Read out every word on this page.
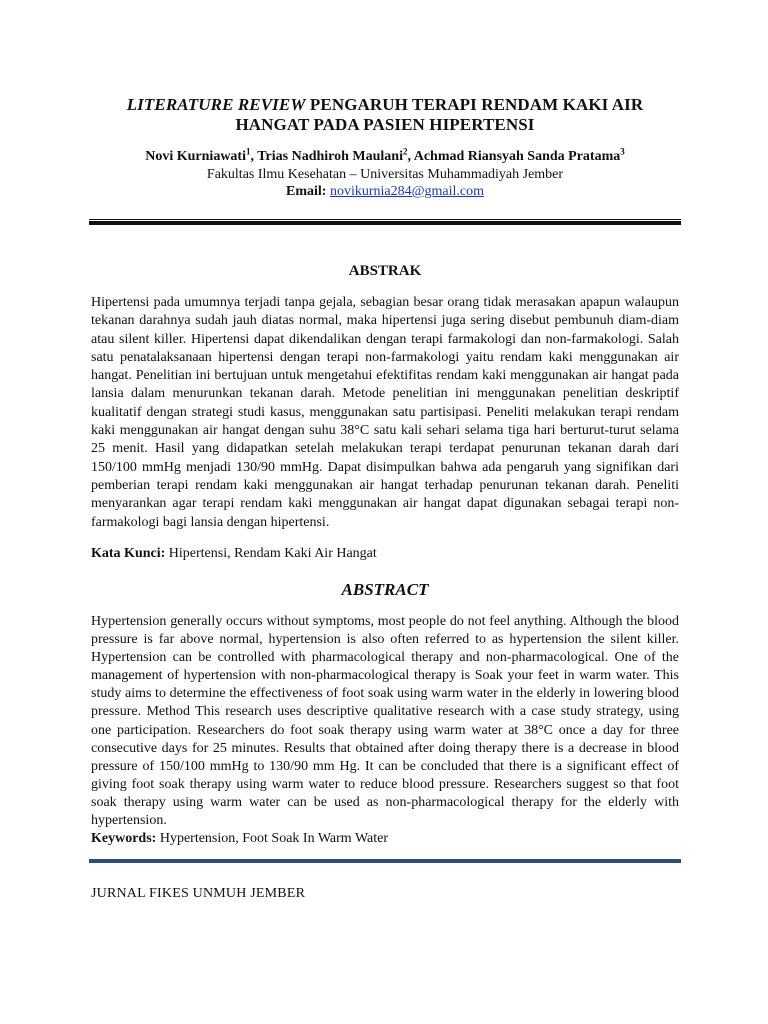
LITERATURE REVIEW PENGARUH TERAPI RENDAM KAKI AIR
HANGAT PADA PASIEN HIPERTENSI
Novi Kurniawati$^1$, Trias Nadhiroh Maulani$^2$, Achmad Riansyah Sanda Pratama$^3$
Fakultas Ilmu Kesehatan – Universitas Muhammadiyah Jember
Email: novikurnia284@gmail.com
ABSTRAK
Hipertensi pada umumnya terjadi tanpa gejala, sebagian besar orang tidak merasakan apapun walaupun tekanan darahnya sudah jauh diatas normal, maka hipertensi juga sering disebut pembunuh diam-diam atau silent killer. Hipertensi dapat dikendalikan dengan terapi farmakologi dan non-farmakologi. Salah satu penatalaksanaan hipertensi dengan terapi non-farmakologi yaitu rendam kaki menggunakan air hangat. Penelitian ini bertujuan untuk mengetahui efektifitas rendam kaki menggunakan air hangat pada lansia dalam menurunkan tekanan darah. Metode penelitian ini menggunakan penelitian deskriptif kualitatif dengan strategi studi kasus, menggunakan satu partisipasi. Peneliti melakukan terapi rendam kaki menggunakan air hangat dengan suhu 38°C satu kali sehari selama tiga hari berturut-turut selama 25 menit. Hasil yang didapatkan setelah melakukan terapi terdapat penurunan tekanan darah dari 150/100 mmHg menjadi 130/90 mmHg. Dapat disimpulkan bahwa ada pengaruh yang signifikan dari pemberian terapi rendam kaki menggunakan air hangat terhadap penurunan tekanan darah. Peneliti menyarankan agar terapi rendam kaki menggunakan air hangat dapat digunakan sebagai terapi non-farmakologi bagi lansia dengan hipertensi.
Kata Kunci: Hipertensi, Rendam Kaki Air Hangat
ABSTRACT
Hypertension generally occurs without symptoms, most people do not feel anything. Although the blood pressure is far above normal, hypertension is also often referred to as hypertension the silent killer. Hypertension can be controlled with pharmacological therapy and non-pharmacological. One of the management of hypertension with non-pharmacological therapy is Soak your feet in warm water. This study aims to determine the effectiveness of foot soak using warm water in the elderly in lowering blood pressure. Method This research uses descriptive qualitative research with a case study strategy, using one participation. Researchers do foot soak therapy using warm water at 38°C once a day for three consecutive days for 25 minutes. Results that obtained after doing therapy there is a decrease in blood pressure of 150/100 mmHg to 130/90 mm Hg. It can be concluded that there is a significant effect of giving foot soak therapy using warm water to reduce blood pressure. Researchers suggest so that foot soak therapy using warm water can be used as non-pharmacological therapy for the elderly with hypertension.
Keywords: Hypertension, Foot Soak In Warm Water
JURNAL FIKES UNMUH JEMBER
